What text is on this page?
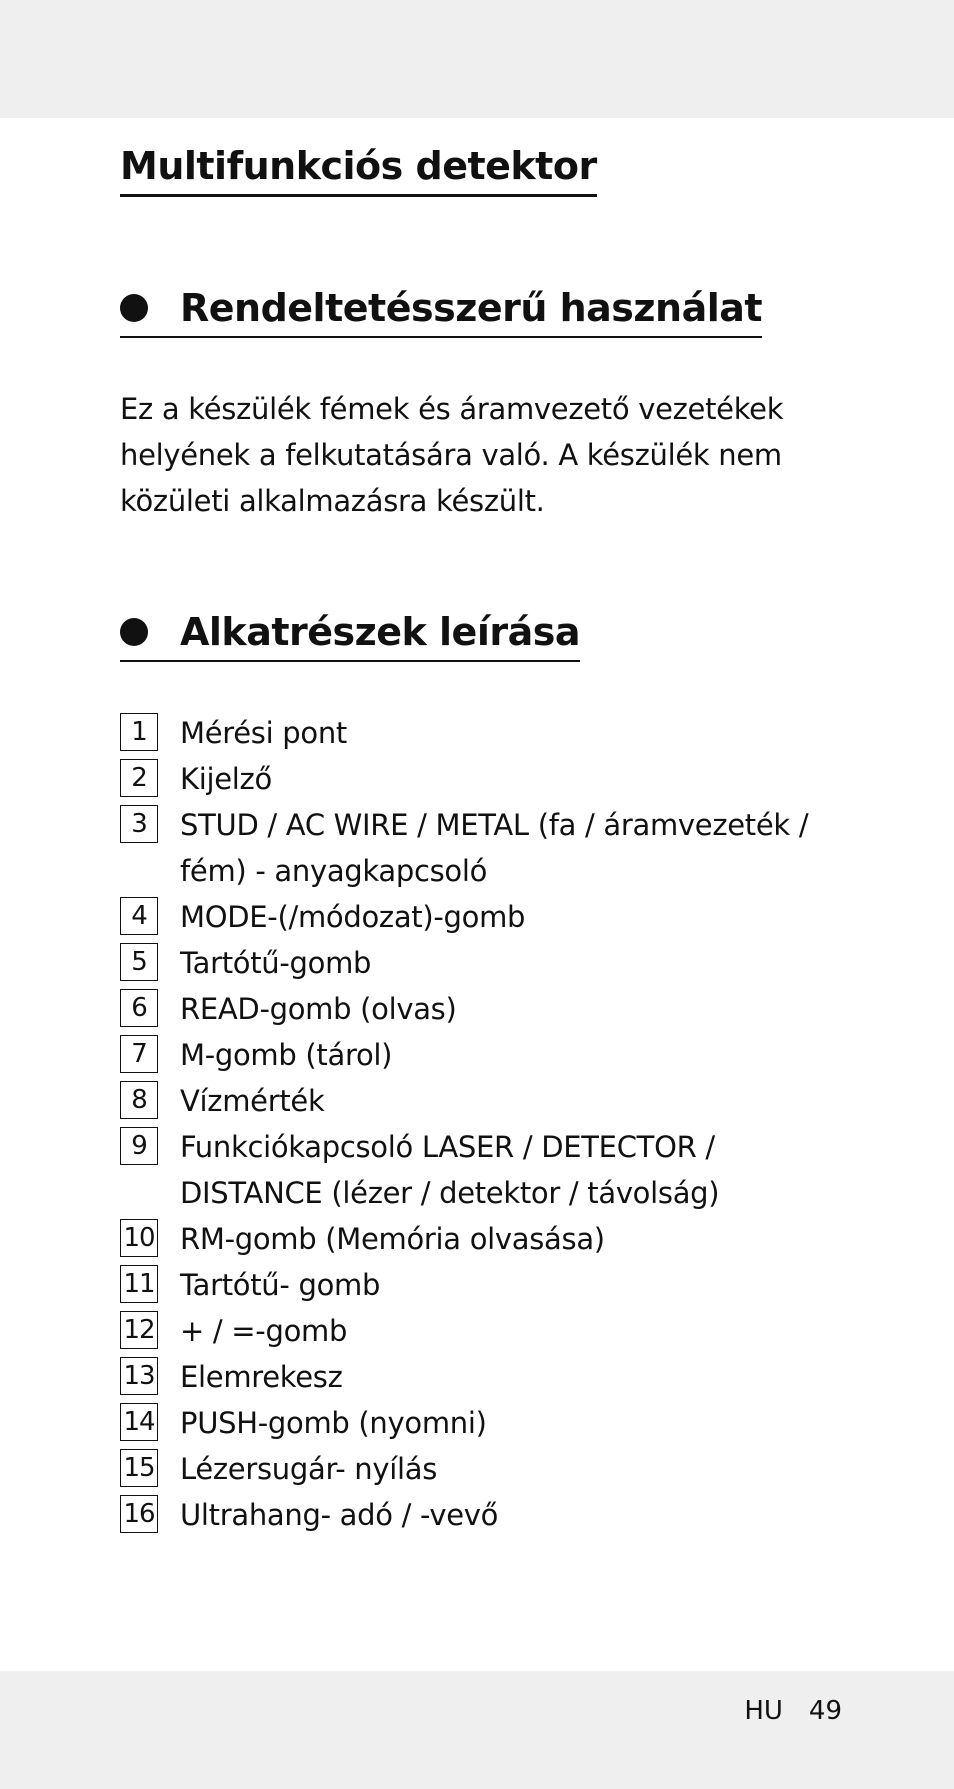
Multifunkciós detektor
Rendeltetésszerű használat
Ez a készülék fémek és áramvezető vezetékek helyének a felkutatására való. A készülék nem közületi alkalmazásra készült.
Alkatrészek leírása
1	Mérési pont
2	Kijelző
3	STUD / AC WIRE / METAL (fa / áramvezeték / fém) - anyagkapcsoló
4	MODE-(/módozat)-gomb
5	Tartótű-gomb
6	READ-gomb (olvas)
7	M-gomb (tárol)
8	Vízmérték
9	Funkciókapcsoló LASER / DETECTOR / DISTANCE (lézer / detektor / távolság)
10 RM-gomb (Memória olvasása)
11 Tartótű- gomb
12 + / =-gomb
13 Elemrekesz
14 PUSH-gomb (nyomni)
15 Lézersugár- nyílás
16 Ultrahang- adó / -vevő
HU 49
